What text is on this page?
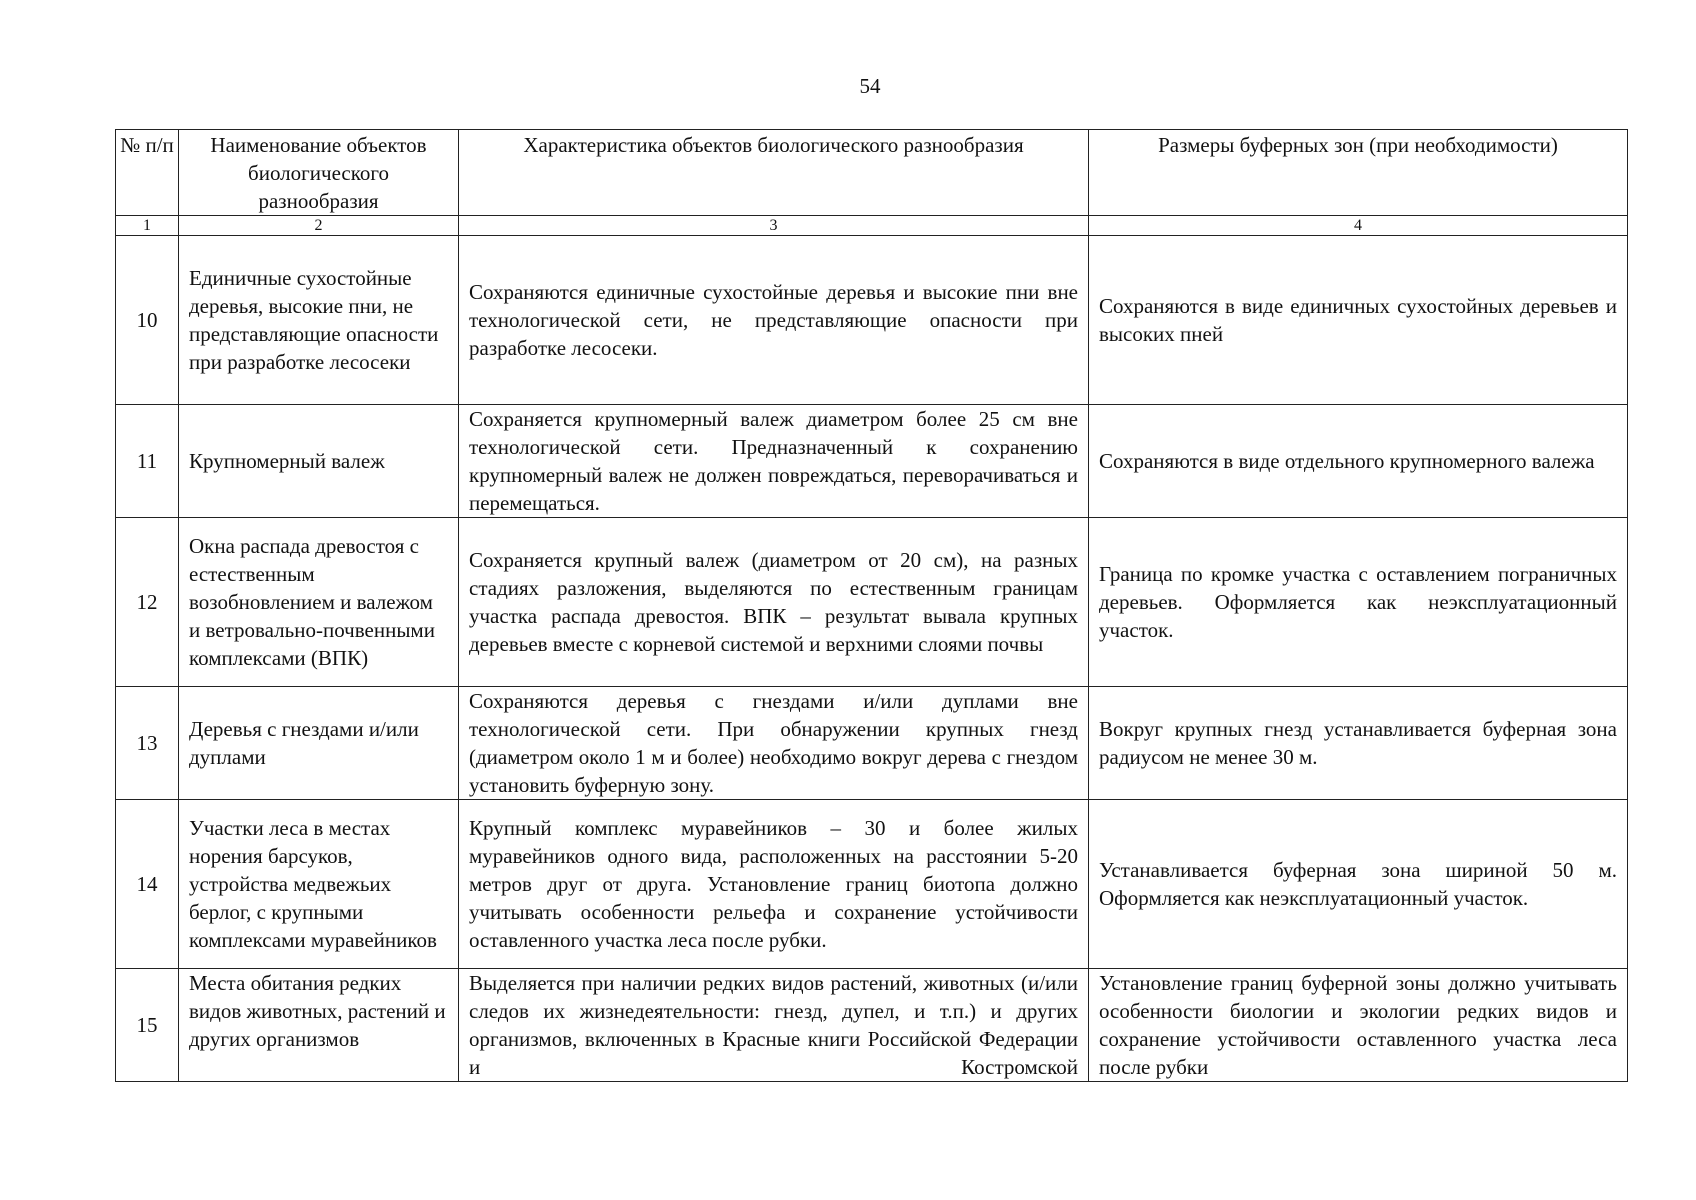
54
№ п/п	Наименование объектов биологического разнообразия	Характеристика объектов биологического разнообразия	Размеры буферных зон (при необходимости)
1	2	3	4
10	Единичные сухостойные деревья, высокие пни, не представляющие опасности при разработке лесосеки	Сохраняются единичные сухостойные деревья и высокие пни вне технологической сети, не представляющие опасности при разработке лесосеки.	Сохраняются в виде единичных сухостойных деревьев и высоких пней
11	Крупномерный валеж	Сохраняется крупномерный валеж диаметром более 25 см вне технологической сети. Предназначенный к сохранению крупномерный валеж не должен повреждаться, переворачиваться и перемещаться.	Сохраняются в виде отдельного крупномерного валежа
12	Окна распада древостоя с естественным возобновлением и валежом и ветровально-почвенными комплексами (ВПК)	Сохраняется крупный валеж (диаметром от 20 см), на разных стадиях разложения, выделяются по естественным границам участка распада древостоя. ВПК – результат вывала крупных деревьев вместе с корневой системой и верхними слоями почвы	Граница по кромке участка с оставлением пограничных деревьев. Оформляется как неэксплуатационный участок.
13	Деревья с гнездами и/или дуплами	Сохраняются деревья с гнездами и/или дуплами вне технологической сети. При обнаружении крупных гнезд (диаметром около 1 м и более) необходимо вокруг дерева с гнездом установить буферную зону.	Вокруг крупных гнезд устанавливается буферная зона радиусом не менее 30 м.
14	Участки леса в местах норения барсуков, устройства медвежьих берлог, с крупными комплексами муравейников	Крупный комплекс муравейников – 30 и более жилых муравейников одного вида, расположенных на расстоянии 5-20 метров друг от друга. Установление границ биотопа должно учитывать особенности рельефа и сохранение устойчивости оставленного участка леса после рубки.	Устанавливается буферная зона шириной 50 м. Оформляется как неэксплуатационный участок.
15	Места обитания редких видов животных, растений и других организмов	Выделяется при наличии редких видов растений, животных (и/или следов их жизнедеятельности: гнезд, дупел, и т.п.) и других организмов, включенных в Красные книги Российской Федерации и Костромской	Установление границ буферной зоны должно учитывать особенности биологии и экологии редких видов и сохранение устойчивости оставленного участка леса после рубки
